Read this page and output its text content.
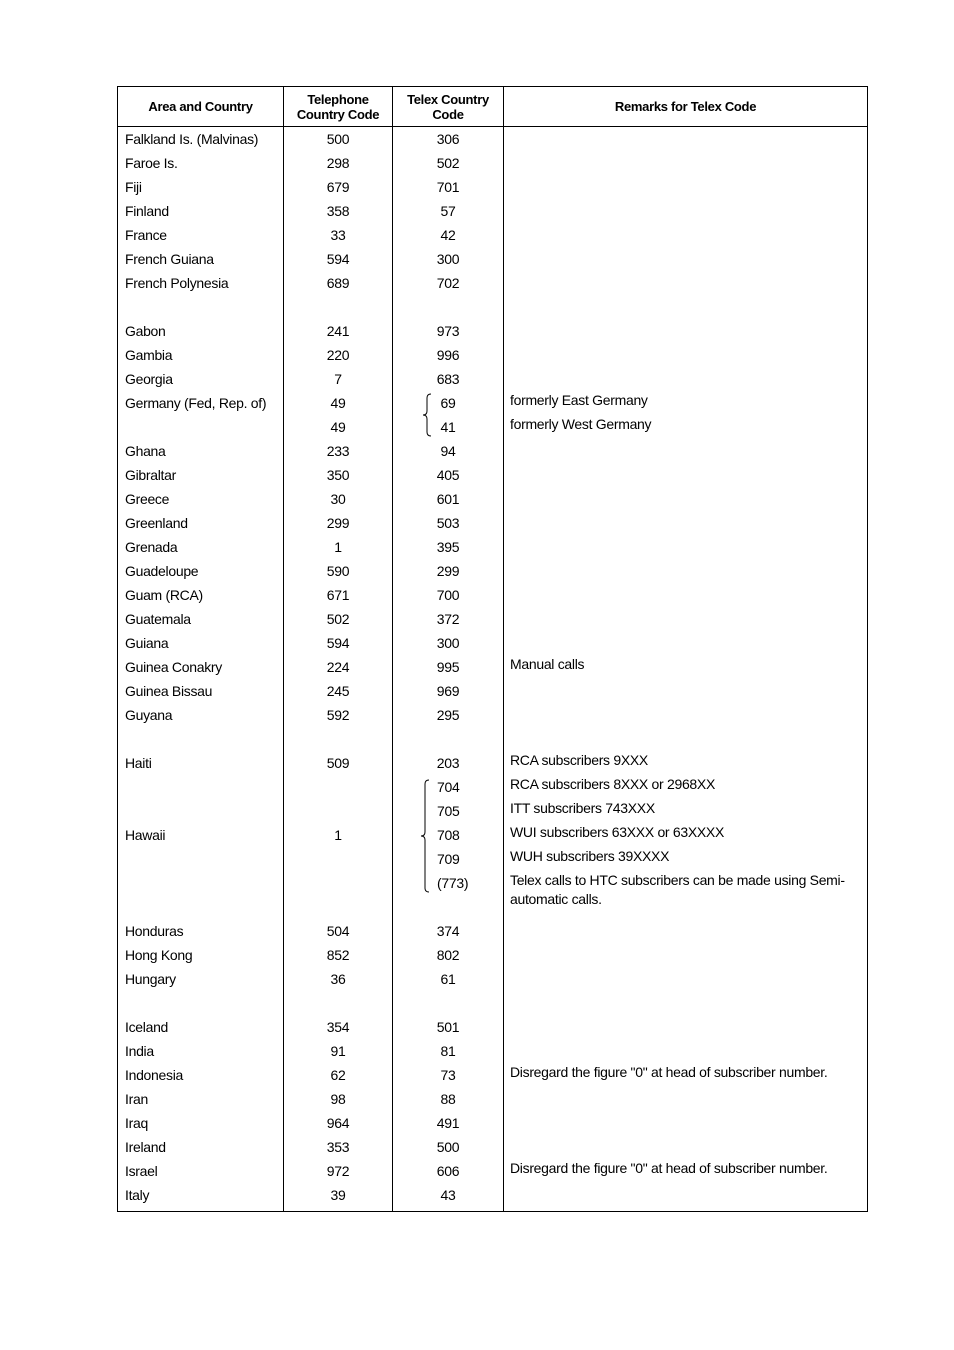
Area and Country	Telephone Country Code
Telex Country Code	Remarks for Telex Code
Falkland Is. (Malvinas)
Faroe Is.
Fiji
Finland
France
French Guiana
French Polynesia
Gabon
Gambia
Georgia
Germany (Fed, Rep. of)
Ghana
Gibraltar
Greece
Greenland
Grenada
Guadeloupe
Guam (RCA)
Guatemala
Guiana
Guinea Conakry
Guinea Bissau
Guyana
Haiti
Hawaii
Honduras
Hong Kong
Hungary
Iceland
India
Indonesia
Iran
Iraq
Ireland
Israel
Italy
500
298
679
358
33
594
689
241
220
7
49
49
233
350
30
299
1
590
671
502
594
224
245
592
509
1
504
852
36
354
91
62
98
964
353
972
39
306
502
701
57
42
300
702
973
996
683
69
41
94
405
601
503
395
299
700
372
300
995
969
295
203
704
705
708
709
(773)
374
802
61
501
81
73
88
491
500
606
43
formerly East Germany
formerly West Germany
Manual calls
RCA subscribers 9XXX
RCA subscribers 8XXX or 2968XX
ITT subscribers 743XXX
WUI subscribers 63XXX or 63XXXX
WUH subscribers 39XXXX
Telex calls to HTC subscribers can be made using Semi-automatic calls.
Disregard the figure "0" at head of subscriber number.
Disregard the figure "0" at head of subscriber number.
